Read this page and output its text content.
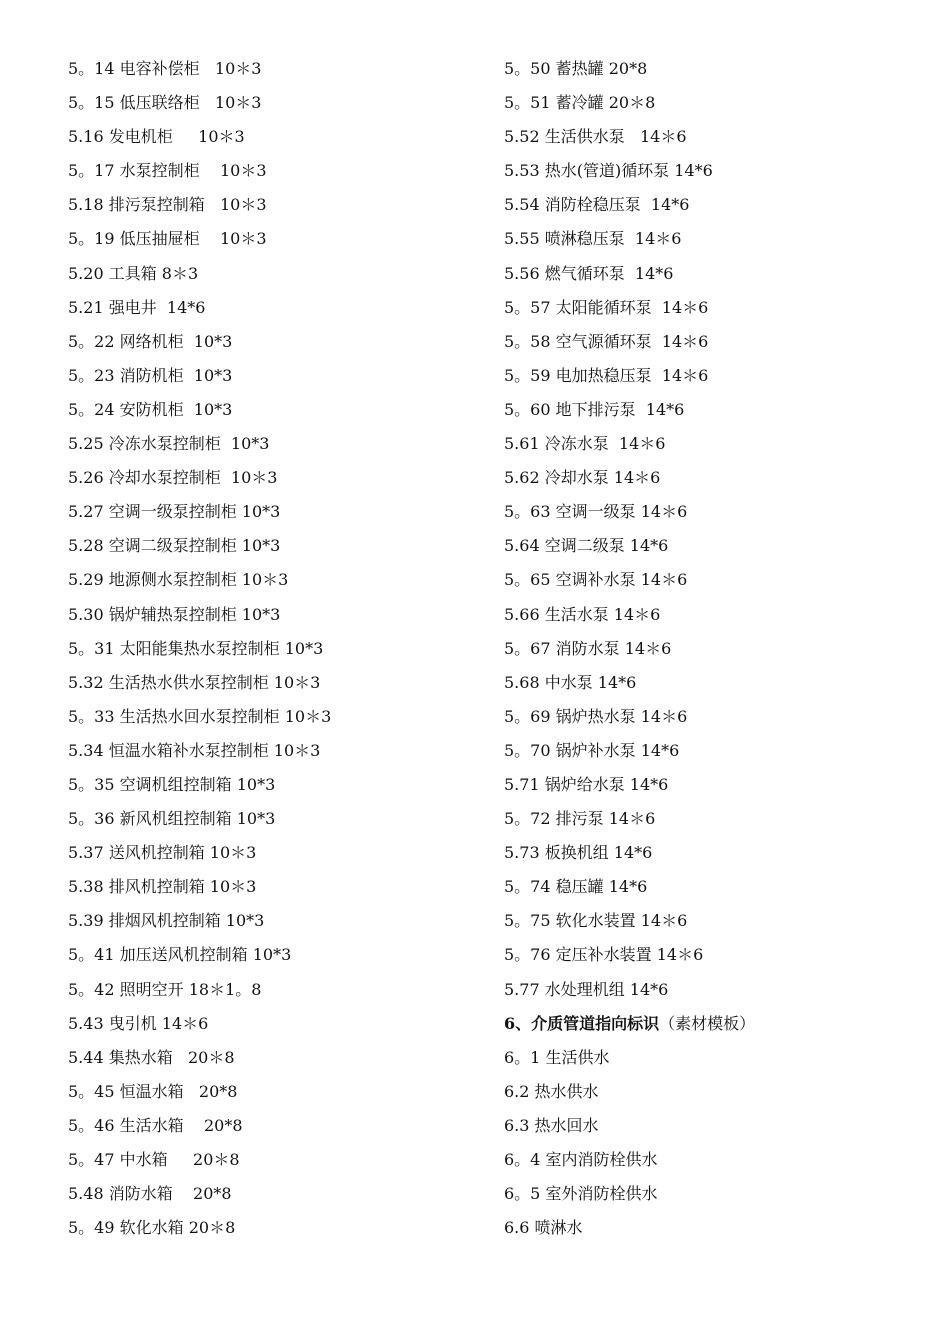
5。14 电容补偿柜   10＊3
5。15 低压联络柜   10＊3
5.16 发电机柜     10＊3
5。17 水泵控制柜    10＊3
5.18 排污泵控制箱   10＊3
5。19 低压抽屉柜    10＊3
5.20 工具箱 8＊3
5.21 强电井  14*6
5。22 网络机柜  10*3
5。23 消防机柜  10*3
5。24 安防机柜  10*3
5.25 冷冻水泵控制柜  10*3
5.26 冷却水泵控制柜  10＊3
5.27 空调一级泵控制柜 10*3
5.28 空调二级泵控制柜 10*3
5.29 地源侧水泵控制柜 10＊3
5.30 锅炉辅热泵控制柜 10*3
5。31 太阳能集热水泵控制柜 10*3
5.32 生活热水供水泵控制柜 10＊3
5。33 生活热水回水泵控制柜 10＊3
5.34 恒温水箱补水泵控制柜 10＊3
5。35 空调机组控制箱 10*3
5。36 新风机组控制箱 10*3
5.37 送风机控制箱 10＊3
5.38 排风机控制箱 10＊3
5.39 排烟风机控制箱 10*3
5。41 加压送风机控制箱 10*3
5。42 照明空开 18＊1。8
5.43 曳引机 14＊6
5.44 集热水箱   20＊8
5。45 恒温水箱   20*8
5。46 生活水箱    20*8
5。47 中水箱     20＊8
5.48 消防水箱    20*8
5。49 软化水箱 20＊8
5。50 蓄热罐 20*8
5。51 蓄冷罐 20＊8
5.52 生活供水泵   14＊6
5.53 热水(管道)循环泵 14*6
5.54 消防栓稳压泵  14*6
5.55 喷淋稳压泵  14＊6
5.56 燃气循环泵  14*6
5。57 太阳能循环泵  14＊6
5。58 空气源循环泵  14＊6
5。59 电加热稳压泵  14＊6
5。60 地下排污泵  14*6
5.61 冷冻水泵  14＊6
5.62 冷却水泵 14＊6
5。63 空调一级泵 14＊6
5.64 空调二级泵 14*6
5。65 空调补水泵 14＊6
5.66 生活水泵 14＊6
5。67 消防水泵 14＊6
5.68 中水泵 14*6
5。69 锅炉热水泵 14＊6
5。70 锅炉补水泵 14*6
5.71 锅炉给水泵 14*6
5。72 排污泵 14＊6
5.73 板换机组 14*6
5。74 稳压罐 14*6
5。75 软化水装置 14＊6
5。76 定压补水装置 14＊6
5.77 水处理机组 14*6
6、介质管道指向标识（素材模板）
6。1 生活供水
6.2 热水供水
6.3 热水回水
6。4 室内消防栓供水
6。5 室外消防栓供水
6.6 喷淋水
